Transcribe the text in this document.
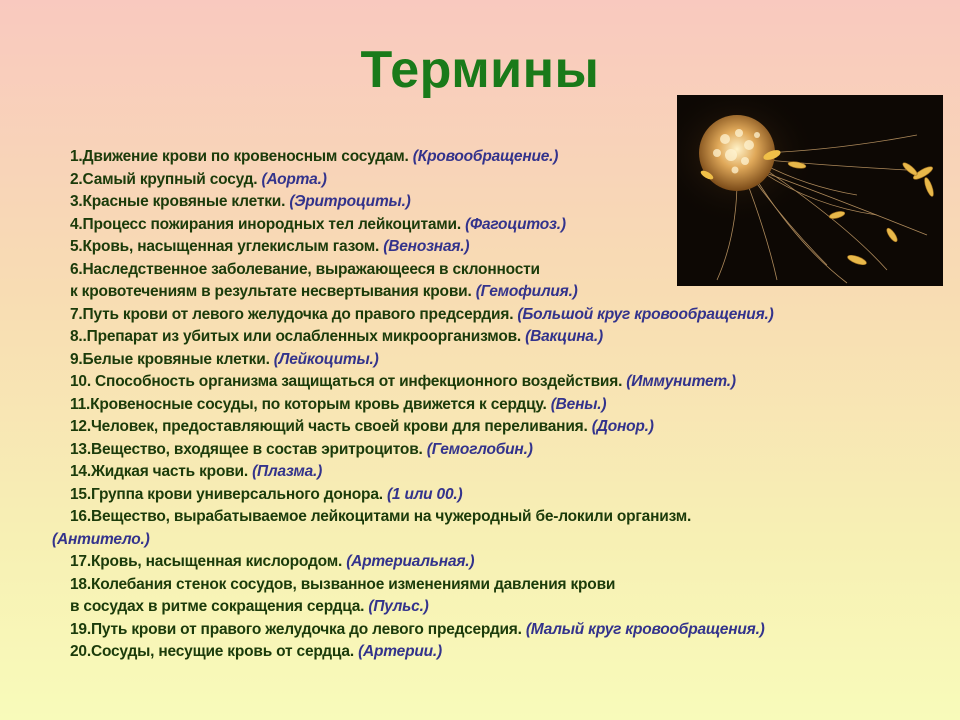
Термины
1.Движение крови по кровеносным сосудам. (Кровообращение.)
2.Самый крупный сосуд. (Аорта.)
3.Красные кровяные клетки. (Эритроциты.)
4.Процесс пожирания инородных тел лейкоцитами. (Фагоцитоз.)
5.Кровь, насыщенная углекислым газом. (Венозная.)
6.Наследственное заболевание, выражающееся в склонности
к кровотечениям в результате несвертывания крови. (Гемофилия.)
7.Путь крови от левого желудочка до правого предсердия. (Большой круг кровообращения.)
8..Препарат из убитых или ослабленных микроорганизмов. (Вакцина.)
9.Белые кровяные клетки. (Лейкоциты.)
10. Способность организма защищаться от инфекционного воздействия. (Иммунитет.)
11.Кровеносные сосуды, по которым кровь движется к сердцу. (Вены.)
12.Человек, предоставляющий часть своей крови для переливания. (Донор.)
13.Вещество, входящее в состав эритроцитов. (Гемоглобин.)
14.Жидкая часть крови. (Плазма.)
15.Группа крови универсального донора. (1 или 00.)
16.Вещество, вырабатываемое лейкоцитами на чужеродный бе-локили организм.
(Антитело.)
17.Кровь, насыщенная кислородом. (Артериальная.)
18.Колебания стенок сосудов, вызванное изменениями давления крови
в сосудах в ритме сокращения сердца. (Пульс.)
19.Путь крови от правого желудочка до левого предсердия. (Малый круг кровообращения.)
20.Сосуды, несущие кровь от сердца. (Артерии.)
